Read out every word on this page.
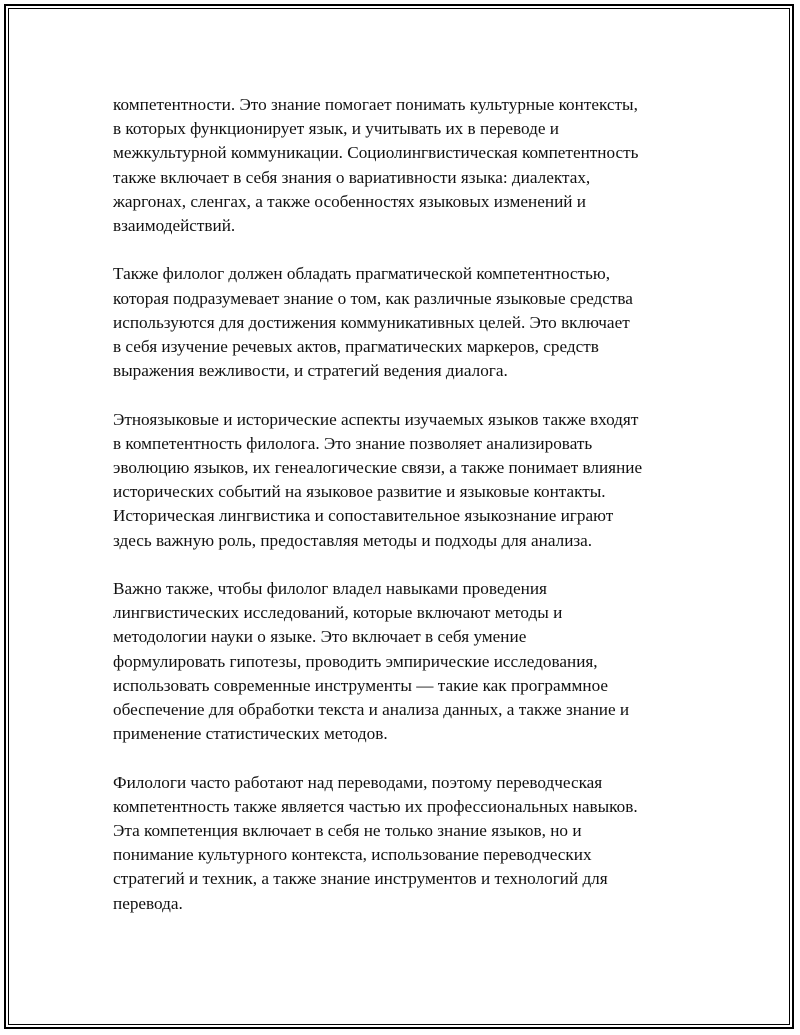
компетентности. Это знание помогает понимать культурные контексты,
в которых функционирует язык, и учитывать их в переводе и
межкультурной коммуникации. Социолингвистическая компетентность
также включает в себя знания о вариативности языка: диалектах,
жаргонах, сленгах, а также особенностях языковых изменений и
взаимодействий.

Также филолог должен обладать прагматической компетентностью,
которая подразумевает знание о том, как различные языковые средства
используются для достижения коммуникативных целей. Это включает
в себя изучение речевых актов, прагматических маркеров, средств
выражения вежливости, и стратегий ведения диалога.

Этноязыковые и исторические аспекты изучаемых языков также входят
в компетентность филолога. Это знание позволяет анализировать
эволюцию языков, их генеалогические связи, а также понимает влияние
исторических событий на языковое развитие и языковые контакты.
Историческая лингвистика и сопоставительное языкознание играют
здесь важную роль, предоставляя методы и подходы для анализа.

Важно также, чтобы филолог владел навыками проведения
лингвистических исследований, которые включают методы и
методологии науки о языке. Это включает в себя умение
формулировать гипотезы, проводить эмпирические исследования,
использовать современные инструменты — такие как программное
обеспечение для обработки текста и анализа данных, а также знание и
применение статистических методов.

Филологи часто работают над переводами, поэтому переводческая
компетентность также является частью их профессиональных навыков.
Эта компетенция включает в себя не только знание языков, но и
понимание культурного контекста, использование переводческих
стратегий и техник, а также знание инструментов и технологий для
перевода.
